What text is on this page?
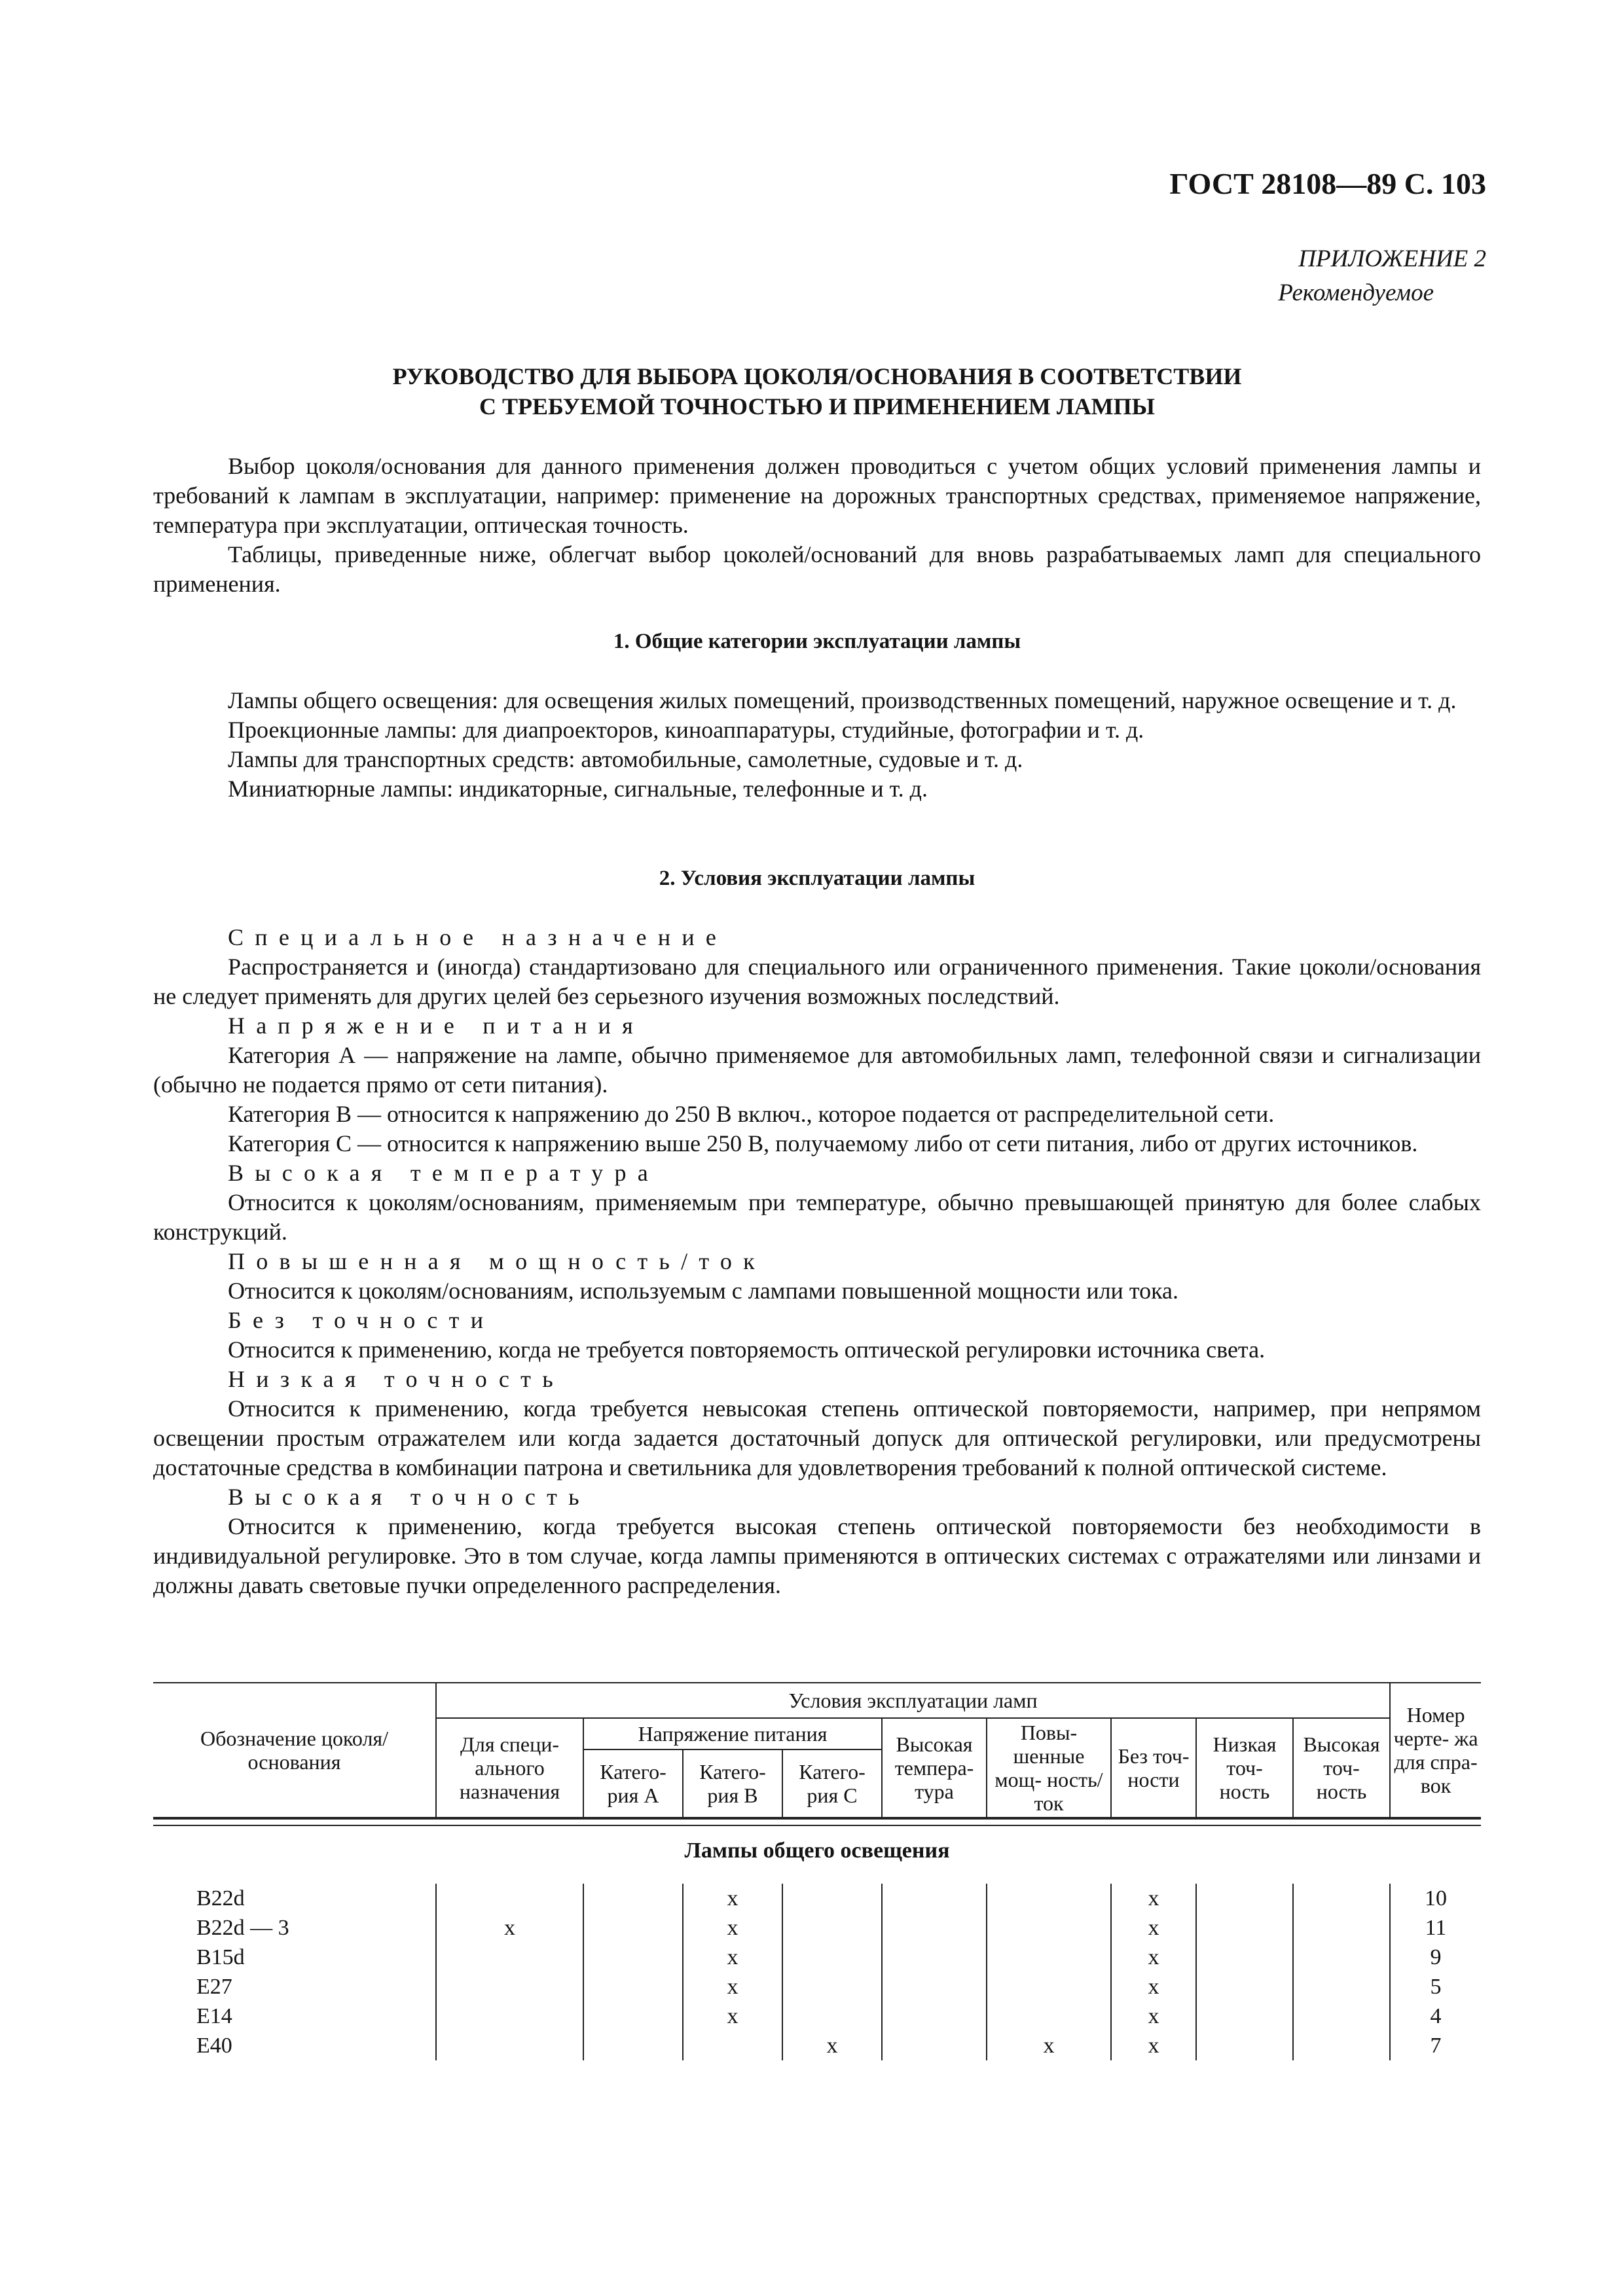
ГОСТ 28108—89 С. 103
ПРИЛОЖЕНИЕ 2
Рекомендуемое
РУКОВОДСТВО ДЛЯ ВЫБОРА ЦОКОЛЯ/ОСНОВАНИЯ В СООТВЕТСТВИИ
С ТРЕБУЕМОЙ ТОЧНОСТЬЮ И ПРИМЕНЕНИЕМ ЛАМПЫ

Выбор цоколя/основания для данного применения должен проводиться с учетом общих условий применения лампы и требований к лампам в эксплуатации, например: применение на дорожных транспортных средствах, применяемое напряжение, температура при эксплуатации, оптическая точность.

Таблицы, приведенные ниже, облегчат выбор цоколей/оснований для вновь разрабатываемых ламп для специального применения.

1. Общие категории эксплуатации лампы

Лампы общего освещения: для освещения жилых помещений, производственных помещений, наружное освещение и т. д.

Проекционные лампы: для диапроекторов, киноаппаратуры, студийные, фотографии и т. д.

Лампы для транспортных средств: автомобильные, самолетные, судовые и т. д.

Миниатюрные лампы: индикаторные, сигнальные, телефонные и т. д.

2. Условия эксплуатации лампы

Специальное назначение

Распространяется и (иногда) стандартизовано для специального или ограниченного применения. Такие цоколи/основания не следует применять для других целей без серьезного изучения возможных последствий.

Напряжение питания

Категория А — напряжение на лампе, обычно применяемое для автомобильных ламп, телефонной связи и сигнализации (обычно не подается прямо от сети питания).

Категория В — относится к напряжению до 250 В включ., которое подается от распределительной сети.

Категория С — относится к напряжению выше 250 В, получаемому либо от сети питания, либо от других источников.

Высокая температура

Относится к цоколям/основаниям, применяемым при температуре, обычно превышающей принятую для более слабых конструкций.

Повышенная мощность/ток

Относится к цоколям/основаниям, используемым с лампами повышенной мощности или тока.

Без точности

Относится к применению, когда не требуется повторяемость оптической регулировки источника света.

Низкая точность

Относится к применению, когда требуется невысокая степень оптической повторяемости, например, при непрямом освещении простым отражателем или когда задается достаточный допуск для оптической регулировки, или предусмотрены достаточные средства в комбинации патрона и светильника для удовлетворения требований к полной оптической системе.

Высокая точность

Относится к применению, когда требуется высокая степень оптической повторяемости без необходимости в индивидуальной регулировке. Это в том случае, когда лампы применяются в оптических системах с отражателями или линзами и должны давать световые пучки определенного распределения.

Обозначение цоколя/основания	Условия эксплуатации ламп									Номер черте- жа для спра- вок
	Для специ- ального назначения	Напряжение питания			Высокая темпера- тура	Повы- шенные мощ- ность/ток	Без точ- ности	Низкая точ- ность	Высокая точ- ность	
		Катего- рия А	Катего- рия В	Катего- рия С						
Лампы общего освещения
B22d			x				x			10
B22d — 3	x		x				x			11
B15d			x				x			9
E27			x				x			5
E14			x				x			4
E40				x		x	x			7
